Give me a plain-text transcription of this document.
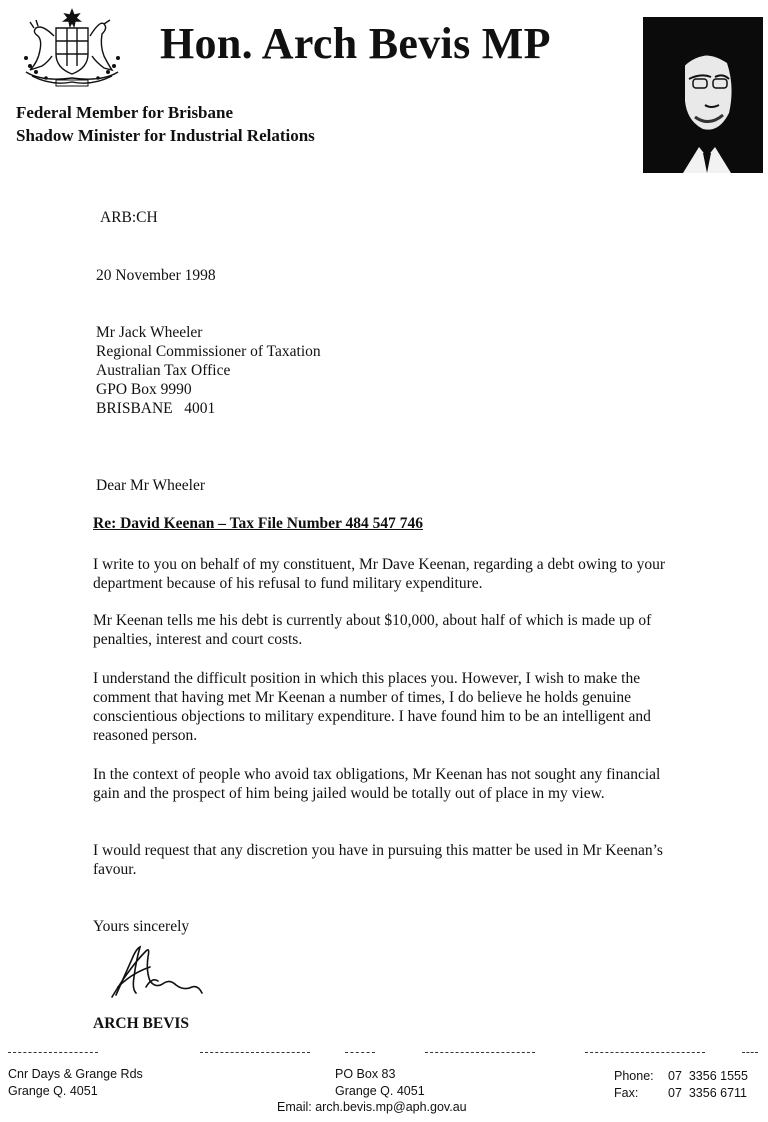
Hon. Arch Bevis MP
Federal Member for Brisbane
Shadow Minister for Industrial Relations
ARB:CH
20 November 1998
Mr Jack Wheeler
Regional Commissioner of Taxation
Australian Tax Office
GPO Box 9990
BRISBANE   4001
Dear Mr Wheeler
Re: David Keenan – Tax File Number 484 547 746
I write to you on behalf of my constituent, Mr Dave Keenan, regarding a debt owing to your department because of his refusal to fund military expenditure.
Mr Keenan tells me his debt is currently about $10,000, about half of which is made up of penalties, interest and court costs.
I understand the difficult position in which this places you. However, I wish to make the comment that having met Mr Keenan a number of times, I do believe he holds genuine conscientious objections to military expenditure. I have found him to be an intelligent and reasoned person.
In the context of people who avoid tax obligations, Mr Keenan has not sought any financial gain and the prospect of him being jailed would be totally out of place in my view.
I would request that any discretion you have in pursuing this matter be used in Mr Keenan’s favour.
Yours sincerely
ARCH BEVIS
Cnr Days & Grange Rds
Grange Q. 4051
PO Box 83
Grange Q. 4051
Phone:	07  3356 1555
Fax:	07  3356 6711
Email: arch.bevis.mp@aph.gov.au
